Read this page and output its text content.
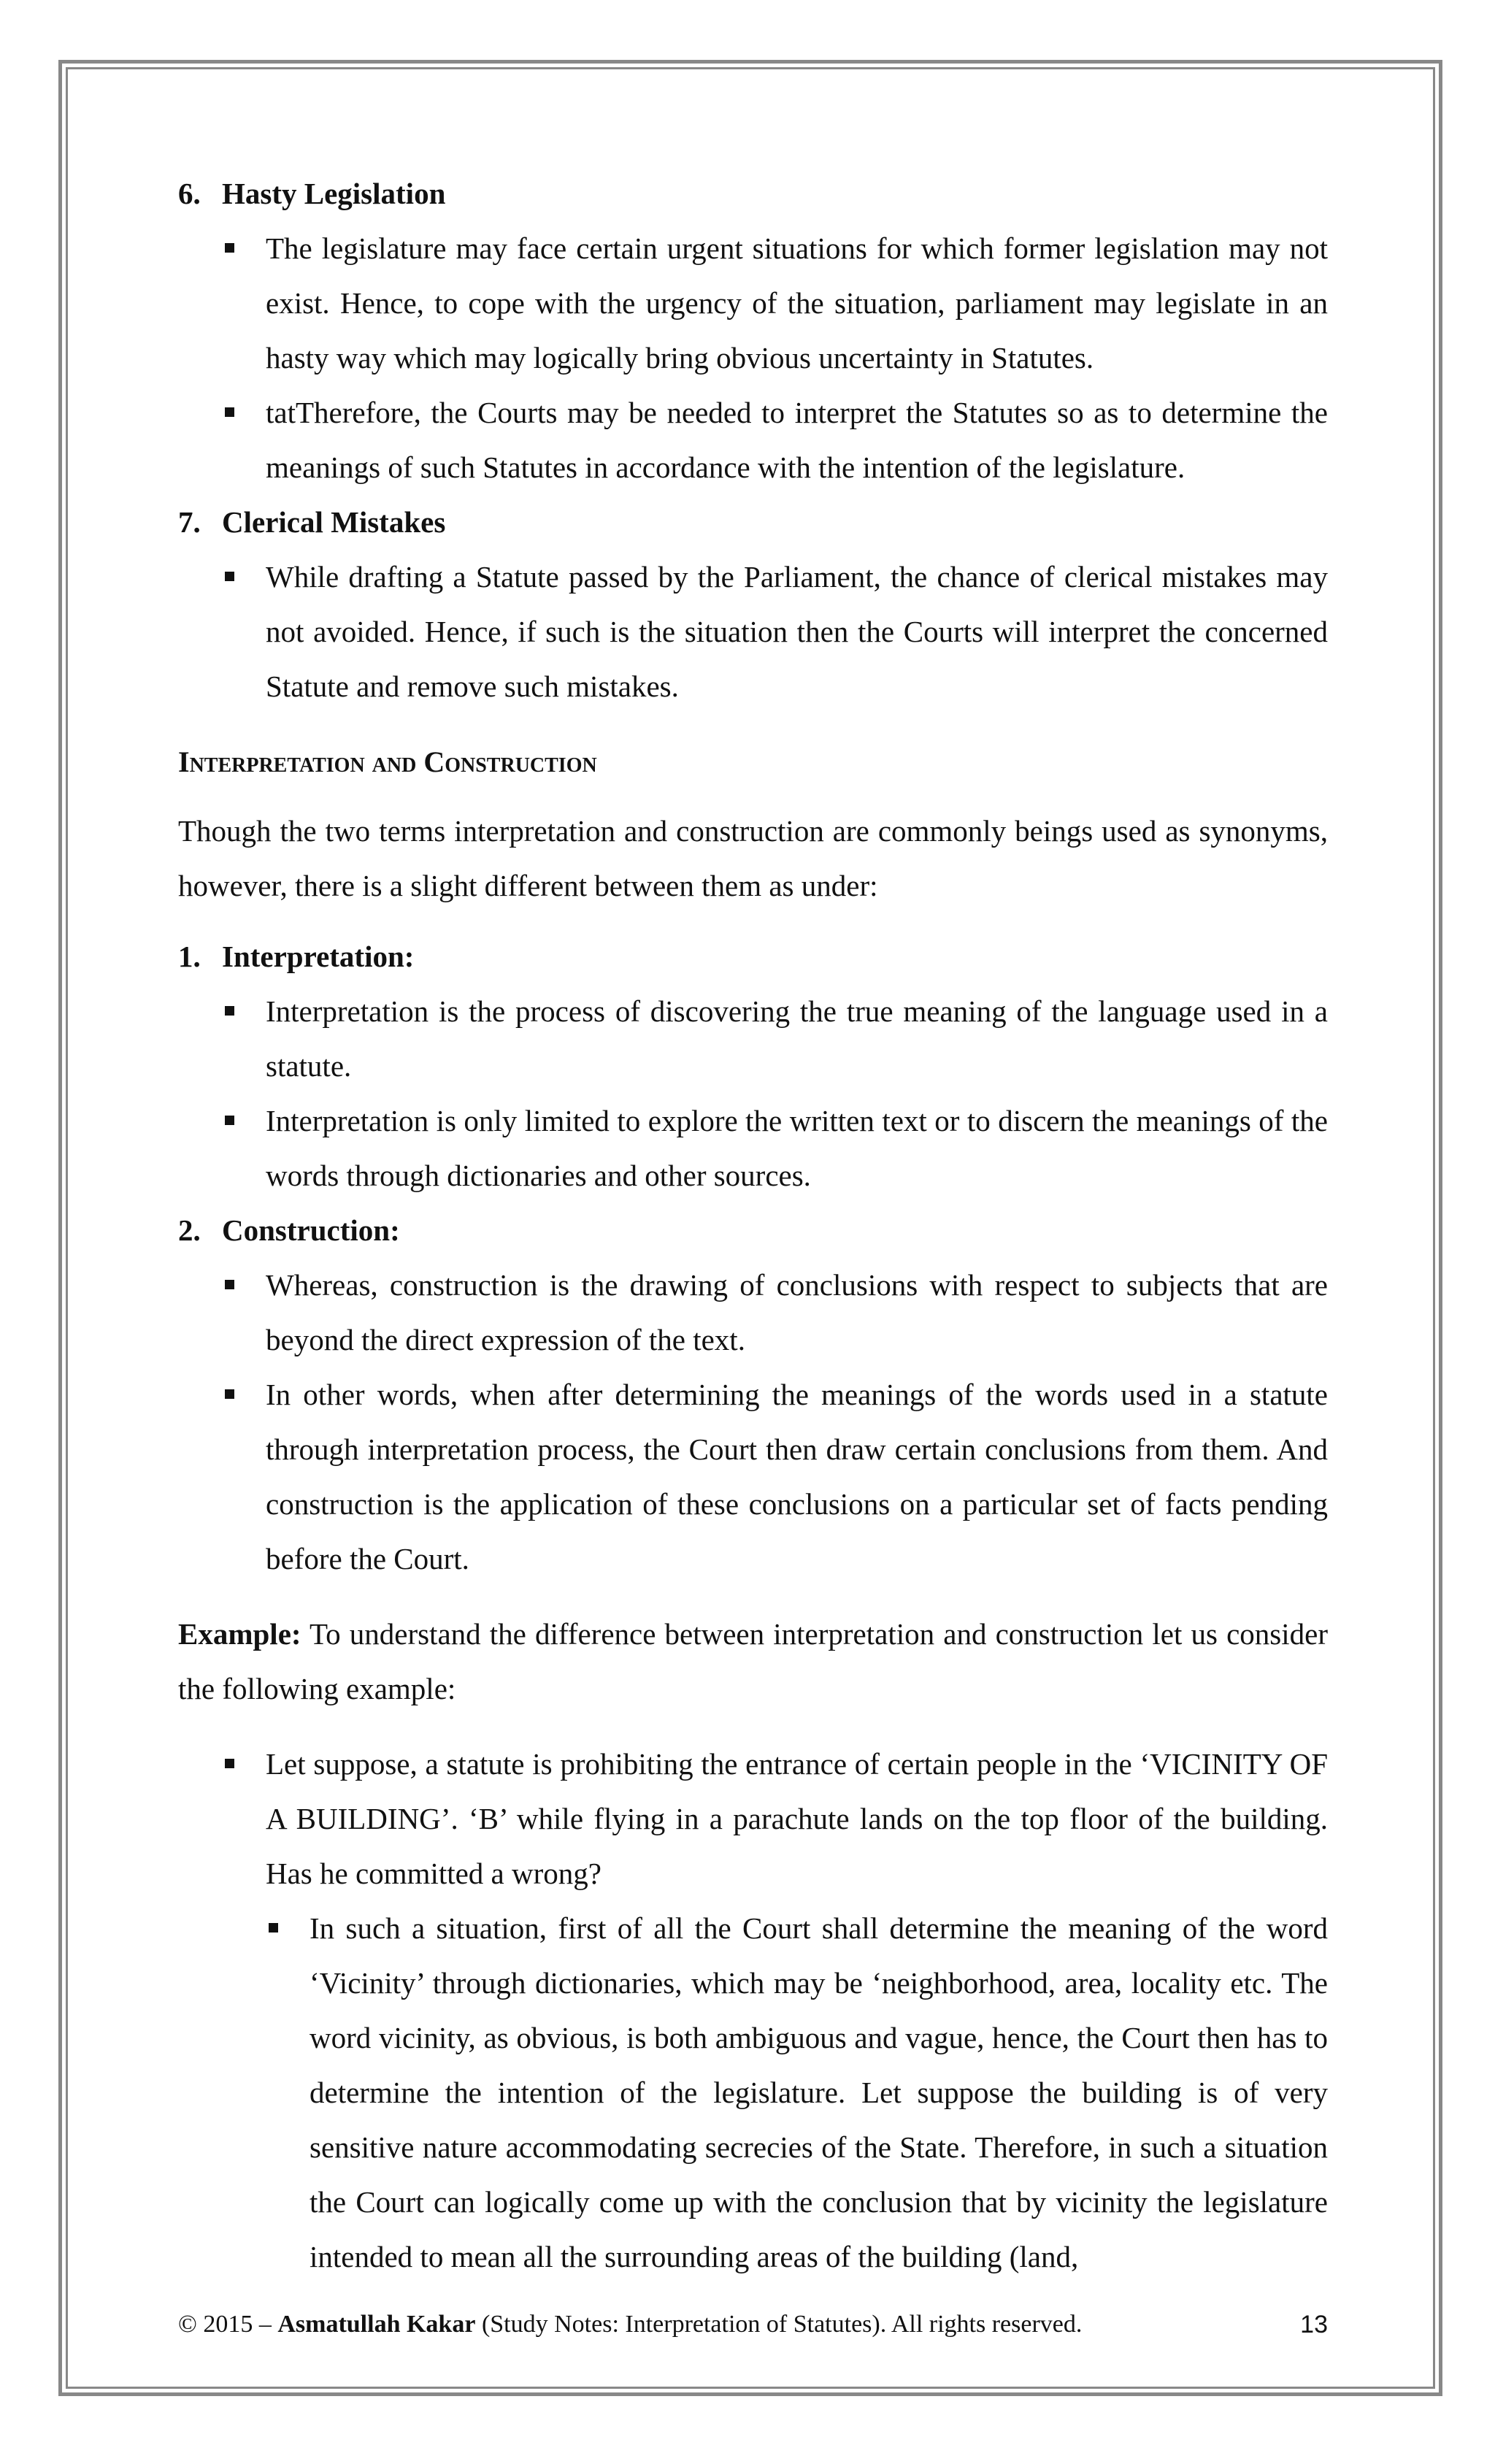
6. Hasty Legislation
The legislature may face certain urgent situations for which former legislation may not exist. Hence, to cope with the urgency of the situation, parliament may legislate in an hasty way which may logically bring obvious uncertainty in Statutes.
tatTherefore, the Courts may be needed to interpret the Statutes so as to determine the meanings of such Statutes in accordance with the intention of the legislature.
7. Clerical Mistakes
While drafting a Statute passed by the Parliament, the chance of clerical mistakes may not avoided. Hence, if such is the situation then the Courts will interpret the concerned Statute and remove such mistakes.
Interpretation and Construction
Though the two terms interpretation and construction are commonly beings used as synonyms, however, there is a slight different between them as under:
1. Interpretation:
Interpretation is the process of discovering the true meaning of the language used in a statute.
Interpretation is only limited to explore the written text or to discern the meanings of the words through dictionaries and other sources.
2. Construction:
Whereas, construction is the drawing of conclusions with respect to subjects that are beyond the direct expression of the text.
In other words, when after determining the meanings of the words used in a statute through interpretation process, the Court then draw certain conclusions from them. And construction is the application of these conclusions on a particular set of facts pending before the Court.
Example: To understand the difference between interpretation and construction let us consider the following example:
Let suppose, a statute is prohibiting the entrance of certain people in the ‘VICINITY OF A BUILDING’. ‘B’ while flying in a parachute lands on the top floor of the building. Has he committed a wrong?
In such a situation, first of all the Court shall determine the meaning of the word ‘Vicinity’ through dictionaries, which may be ‘neighborhood, area, locality etc. The word vicinity, as obvious, is both ambiguous and vague, hence, the Court then has to determine the intention of the legislature. Let suppose the building is of very sensitive nature accommodating secrecies of the State. Therefore, in such a situation the Court can logically come up with the conclusion that by vicinity the legislature intended to mean all the surrounding areas of the building (land,
© 2015 – Asmatullah Kakar (Study Notes: Interpretation of Statutes). All rights reserved.	13
